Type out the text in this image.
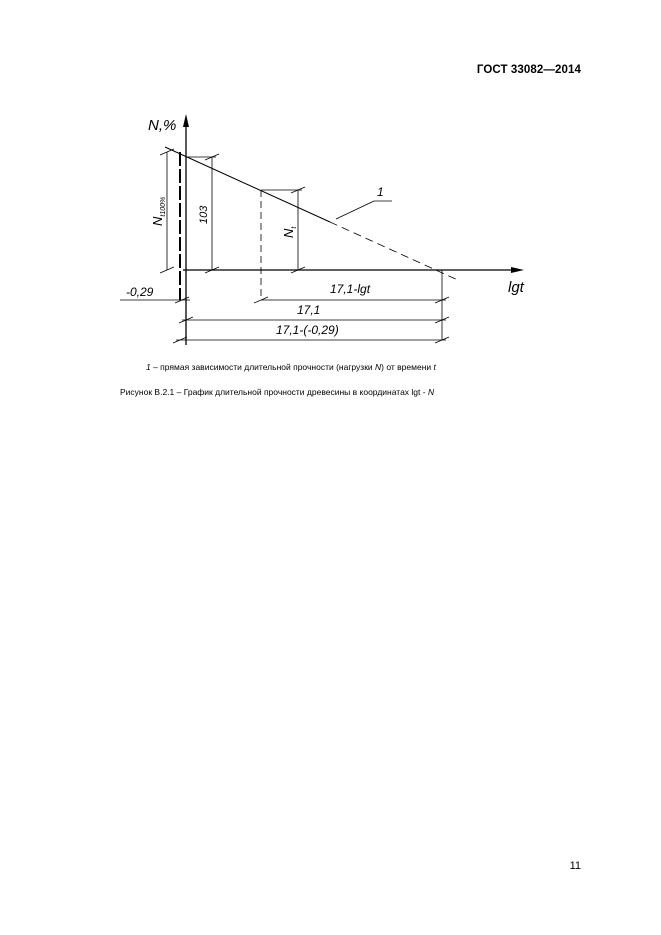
ГОСТ 33082—2014
1
$N_{t100\%}$	103
$N_t$
-0,29	17,1-lgt
17,1
17,1-(-0,29)
N,%
lgt
1 – прямая зависимости длительной прочности (нагрузки N) от времени t
Рисунок В.2.1 – График длительной прочности древесины в координатах lgt - N
11
